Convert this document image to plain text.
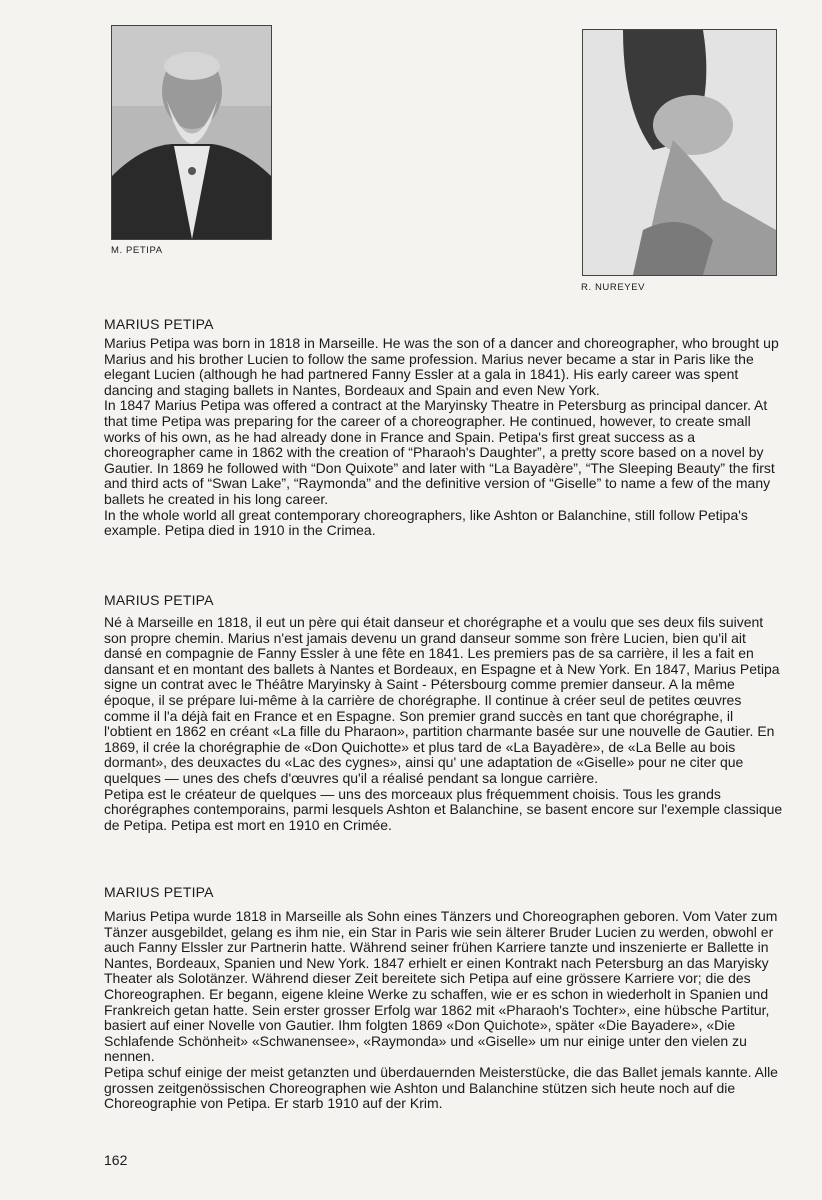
M. PETIPA
R. NUREYEV
MARIUS PETIPA

Marius Petipa was born in 1818 in Marseille. He was the son of a dancer and choreographer, who brought up Marius and his brother Lucien to follow the same profession. Marius never became a star in Paris like the elegant Lucien (although he had partnered Fanny Essler at a gala in 1841). His early career was spent dancing and staging ballets in Nantes, Bordeaux and Spain and even New York.

In 1847 Marius Petipa was offered a contract at the Maryinsky Theatre in Petersburg as principal dancer. At that time Petipa was preparing for the career of a choreographer. He continued, however, to create small works of his own, as he had already done in France and Spain. Petipa's first great success as a choreographer came in 1862 with the creation of “Pharaoh's Daughter”, a pretty score based on a novel by Gautier. In 1869 he followed with “Don Quixote” and later with “La Bayadère”, “The Sleeping Beauty” the first and third acts of “Swan Lake”, “Raymonda” and the definitive version of “Giselle” to name a few of the many ballets he created in his long career.

In the whole world all great contemporary choreographers, like Ashton or Balanchine, still follow Petipa's example. Petipa died in 1910 in the Crimea.

MARIUS PETIPA

Né à Marseille en 1818, il eut un père qui était danseur et chorégraphe et a voulu que ses deux fils suivent son propre chemin. Marius n'est jamais devenu un grand danseur somme son frère Lucien, bien qu'il ait dansé en compagnie de Fanny Essler à une fête en 1841. Les premiers pas de sa carrière, il les a fait en dansant et en montant des ballets à Nantes et Bordeaux, en Espagne et à New York. En 1847, Marius Petipa signe un contrat avec le Théâtre Maryinsky à Saint - Pétersbourg comme premier danseur. A la même époque, il se prépare lui-même à la carrière de chorégraphe. Il continue à créer seul de petites œuvres comme il l'a déjà fait en France et en Espagne. Son premier grand succès en tant que chorégraphe, il l'obtient en 1862 en créant «La fille du Pharaon», partition charmante basée sur une nouvelle de Gautier. En 1869, il crée la chorégraphie de «Don Quichotte» et plus tard de «La Bayadère», de «La Belle au bois dormant», des deuxactes du «Lac des cygnes», ainsi qu' une adaptation de «Giselle» pour ne citer que quelques — unes des chefs d'œuvres qu'il a réalisé pendant sa longue carrière.

Petipa est le créateur de quelques — uns des morceaux plus fréquemment choisis. Tous les grands chorégraphes contemporains, parmi lesquels Ashton et Balanchine, se basent encore sur l'exemple classique de Petipa. Petipa est mort en 1910 en Crimée.

MARIUS PETIPA

Marius Petipa wurde 1818 in Marseille als Sohn eines Tänzers und Choreographen geboren. Vom Vater zum Tänzer ausgebildet, gelang es ihm nie, ein Star in Paris wie sein älterer Bruder Lucien zu werden, obwohl er auch Fanny Elssler zur Partnerin hatte. Während seiner frühen Karriere tanzte und inszenierte er Ballette in Nantes, Bordeaux, Spanien und New York. 1847 erhielt er einen Kontrakt nach Petersburg an das Maryisky Theater als Solotänzer. Während dieser Zeit bereitete sich Petipa auf eine grössere Karriere vor; die des Choreographen. Er begann, eigene kleine Werke zu schaffen, wie er es schon in wiederholt in Spanien und Frankreich getan hatte. Sein erster grosser Erfolg war 1862 mit «Pharaoh's Tochter», eine hübsche Partitur, basiert auf einer Novelle von Gautier. Ihm folgten 1869 «Don Quichote», später «Die Bayadere», «Die Schlafende Schönheit» «Schwanensee», «Raymonda» und «Giselle» um nur einige unter den vielen zu nennen.

Petipa schuf einige der meist getanzten und überdauernden Meisterstücke, die das Ballet jemals kannte. Alle grossen zeitgenössischen Choreographen wie Ashton und Balanchine stützen sich heute noch auf die Choreographie von Petipa. Er starb 1910 auf der Krim.

162
